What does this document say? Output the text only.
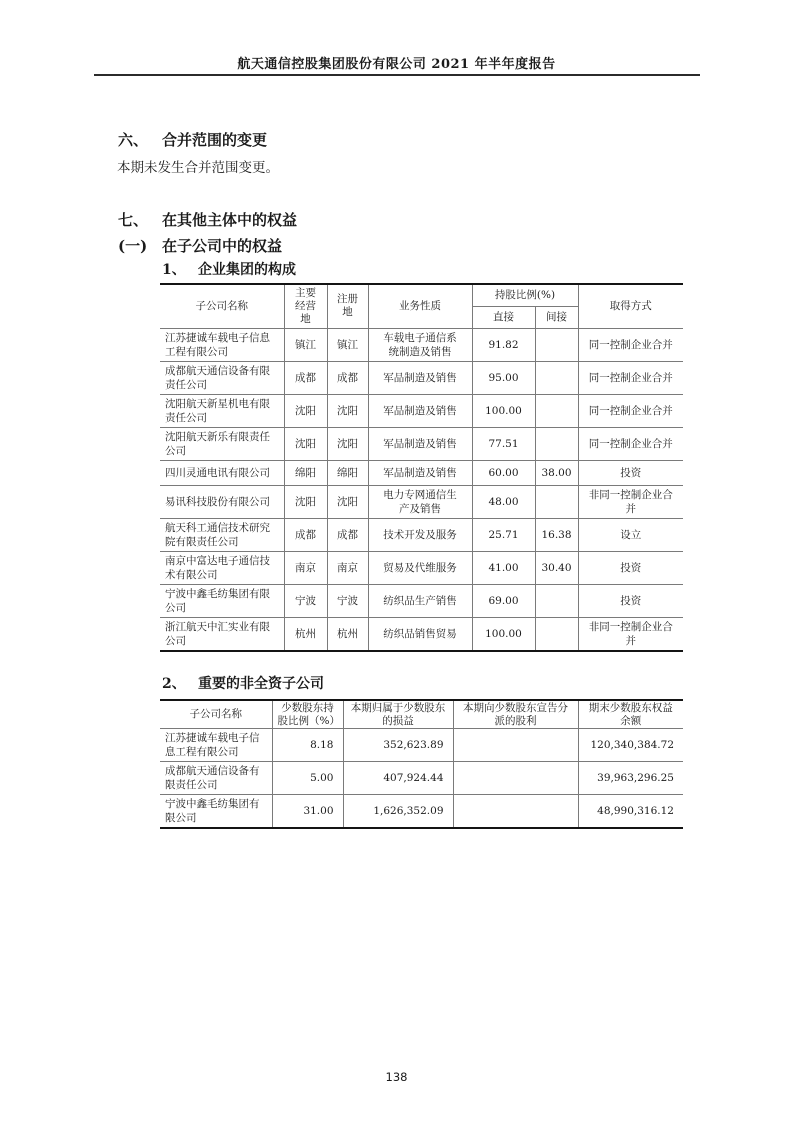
航天通信控股集团股份有限公司 2021 年半年度报告
六、 合并范围的变更

本期未发生合并范围变更。

七、 在其他主体中的权益
(一) 在子公司中的权益
1、 企业集团的构成
子公司名称	主要经营地	注册地	业务性质	持股比例(%)		取得方式
				直接	间接	
江苏捷诚车载电子信息工程有限公司	镇江	镇江	车载电子通信系统制造及销售	91.82		同一控制企业合并
成都航天通信设备有限责任公司	成都	成都	军品制造及销售	95.00		同一控制企业合并
沈阳航天新星机电有限责任公司	沈阳	沈阳	军品制造及销售	100.00		同一控制企业合并
沈阳航天新乐有限责任公司	沈阳	沈阳	军品制造及销售	77.51		同一控制企业合并
四川灵通电讯有限公司	绵阳	绵阳	军品制造及销售	60.00	38.00	投资
易讯科技股份有限公司	沈阳	沈阳	电力专网通信生产及销售	48.00		非同一控制企业合并
航天科工通信技术研究院有限责任公司	成都	成都	技术开发及服务	25.71	16.38	设立
南京中富达电子通信技术有限公司	南京	南京	贸易及代维服务	41.00	30.40	投资
宁波中鑫毛纺集团有限公司	宁波	宁波	纺织品生产销售	69.00		投资
浙江航天中汇实业有限公司	杭州	杭州	纺织品销售贸易	100.00		非同一控制企业合并
2、 重要的非全资子公司
子公司名称	少数股东持股比例（%）	本期归属于少数股东的损益	本期向少数股东宣告分派的股利	期末少数股东权益余额
江苏捷诚车载电子信息工程有限公司	8.18	352,623.89		120,340,384.72
成都航天通信设备有限责任公司	5.00	407,924.44		39,963,296.25
宁波中鑫毛纺集团有限公司	31.00	1,626,352.09		48,990,316.12
138
